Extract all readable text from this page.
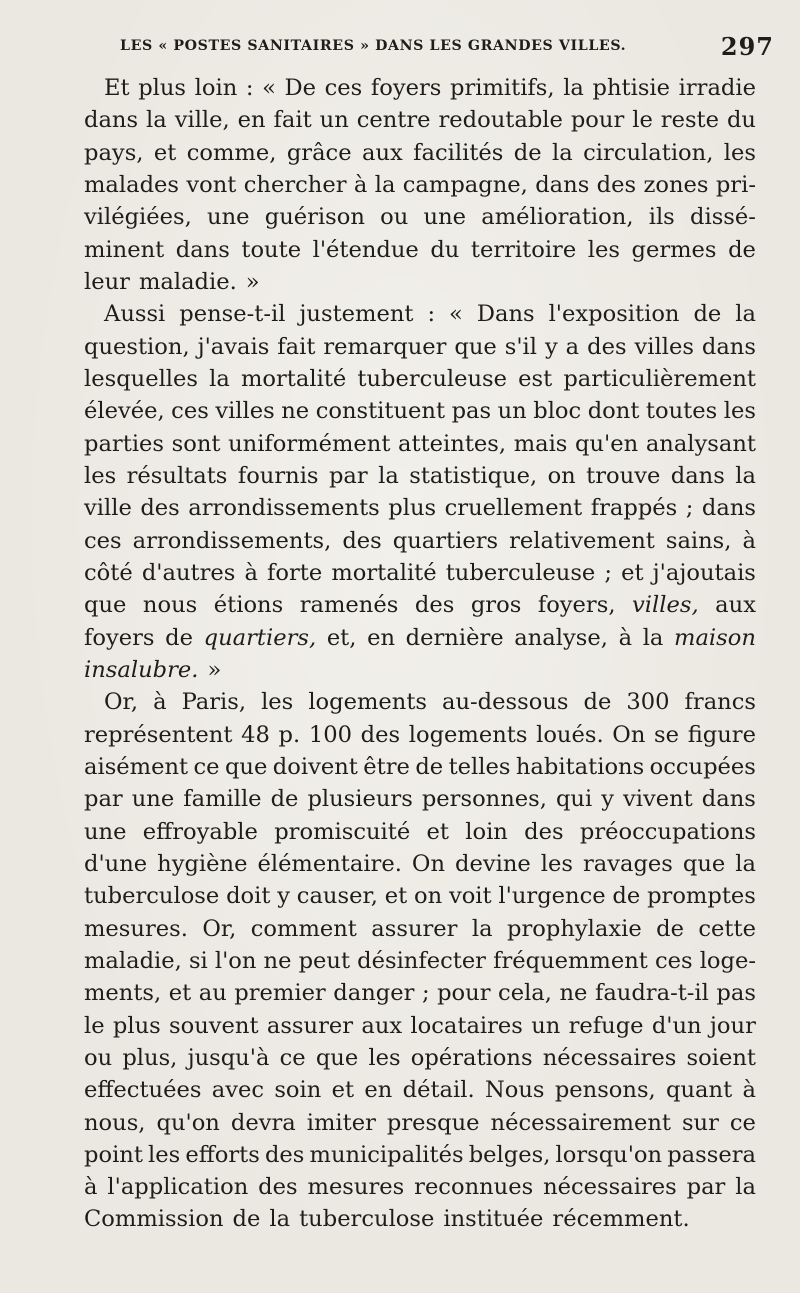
LES « POSTES SANITAIRES » DANS LES GRANDES VILLES.	297
Et plus loin : « De ces foyers primitifs, la phtisie irradie
dans la ville, en fait un centre redoutable pour le reste du
pays, et comme, grâce aux facilités de la circulation, les
malades vont chercher à la campagne, dans des zones pri-
vilégiées, une guérison ou une amélioration, ils dissé-
minent dans toute l'étendue du territoire les germes de
leur maladie. »
Aussi pense-t-il justement : « Dans l'exposition de la
question, j'avais fait remarquer que s'il y a des villes dans
lesquelles la mortalité tuberculeuse est particulièrement
élevée, ces villes ne constituent pas un bloc dont toutes les
parties sont uniformément atteintes, mais qu'en analysant
les résultats fournis par la statistique, on trouve dans la
ville des arrondissements plus cruellement frappés ; dans
ces arrondissements, des quartiers relativement sains, à
côté d'autres à forte mortalité tuberculeuse ; et j'ajoutais
que nous étions ramenés des gros foyers, villes, aux
foyers de quartiers, et, en dernière analyse, à la maison
insalubre. »
Or, à Paris, les logements au-dessous de 300 francs
représentent 48 p. 100 des logements loués. On se figure
aisément ce que doivent être de telles habitations occupées
par une famille de plusieurs personnes, qui y vivent dans
une effroyable promiscuité et loin des préoccupations
d'une hygiène élémentaire. On devine les ravages que la
tuberculose doit y causer, et on voit l'urgence de promptes
mesures. Or, comment assurer la prophylaxie de cette
maladie, si l'on ne peut désinfecter fréquemment ces loge-
ments, et au premier danger ; pour cela, ne faudra-t-il pas
le plus souvent assurer aux locataires un refuge d'un jour
ou plus, jusqu'à ce que les opérations nécessaires soient
effectuées avec soin et en détail. Nous pensons, quant à
nous, qu'on devra imiter presque nécessairement sur ce
point les efforts des municipalités belges, lorsqu'on passera
à l'application des mesures reconnues nécessaires par la
Commission de la tuberculose instituée récemment.
